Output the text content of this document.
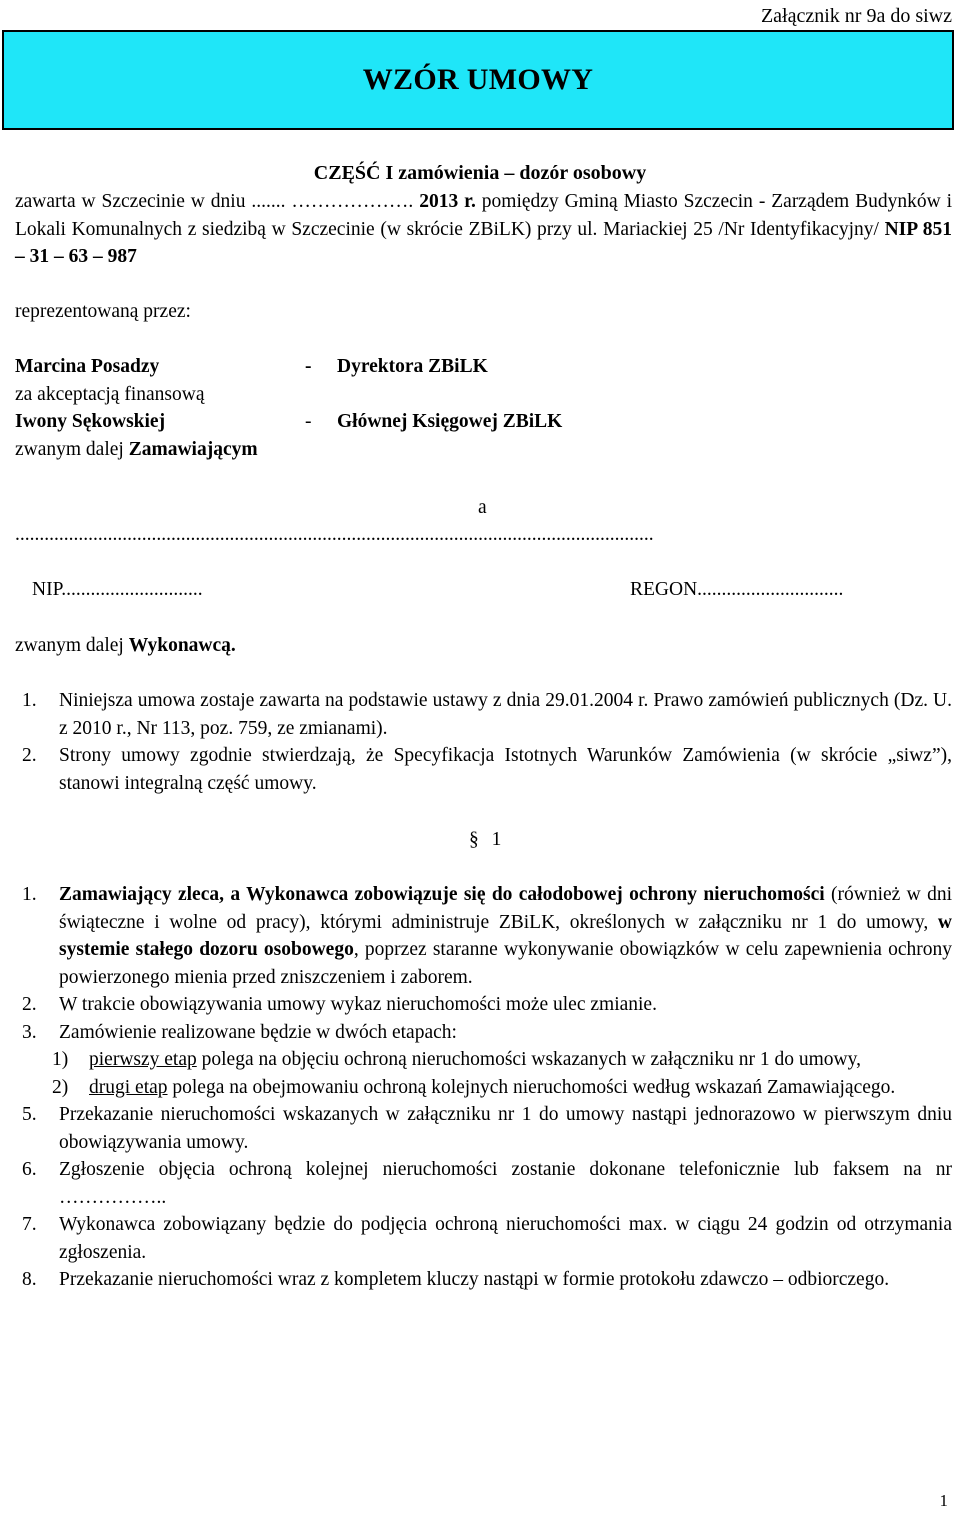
Załącznik nr 9a do siwz
WZÓR UMOWY
CZĘŚĆ I zamówienia – dozór osobowy
zawarta w Szczecinie w dniu ....... ………………. 2013 r. pomiędzy Gminą Miasto Szczecin - Zarządem Budynków i Lokali Komunalnych z siedzibą w Szczecinie (w skrócie ZBiLK) przy ul. Mariackiej 25 /Nr Identyfikacyjny/ NIP 851 – 31 – 63 – 987
reprezentowaną przez:
Marcina Posadzy	- Dyrektora ZBiLK
za akceptacją finansową
Iwony Sękowskiej	- Głównej Księgowej ZBiLK
zwanym dalej Zamawiającym
a
...................................................................................................................................
NIP.............................	REGON..............................
zwanym dalej Wykonawcą.

1. Niniejsza umowa zostaje zawarta na podstawie ustawy z dnia 29.01.2004 r. Prawo zamówień publicznych (Dz. U. z 2010 r., Nr 113, poz. 759, ze zmianami).

2. Strony umowy zgodnie stwierdzają, że Specyfikacja Istotnych Warunków Zamówienia (w skrócie „siwz”), stanowi integralną część umowy.

§ 1

1. Zamawiający zleca, a Wykonawca zobowiązuje się do całodobowej ochrony nieruchomości (również w dni świąteczne i wolne od pracy), którymi administruje ZBiLK, określonych w załączniku nr 1 do umowy, w systemie stałego dozoru osobowego, poprzez staranne wykonywanie obowiązków w celu zapewnienia ochrony powierzonego mienia przed zniszczeniem i zaborem.

2. W trakcie obowiązywania umowy wykaz nieruchomości może ulec zmianie.

3. Zamówienie realizowane będzie w dwóch etapach:

1) pierwszy etap polega na objęciu ochroną nieruchomości wskazanych w załączniku nr 1 do umowy,

2) drugi etap polega na obejmowaniu ochroną kolejnych nieruchomości według wskazań Zamawiającego.

5. Przekazanie nieruchomości wskazanych w załączniku nr 1 do umowy nastąpi jednorazowo w pierwszym dniu obowiązywania umowy.

6. Zgłoszenie objęcia ochroną kolejnej nieruchomości zostanie dokonane telefonicznie lub faksem na nr ……………..

7. Wykonawca zobowiązany będzie do podjęcia ochroną nieruchomości max. w ciągu 24 godzin od otrzymania zgłoszenia.

8. Przekazanie nieruchomości wraz z kompletem kluczy nastąpi w formie protokołu zdawczo – odbiorczego.

1
